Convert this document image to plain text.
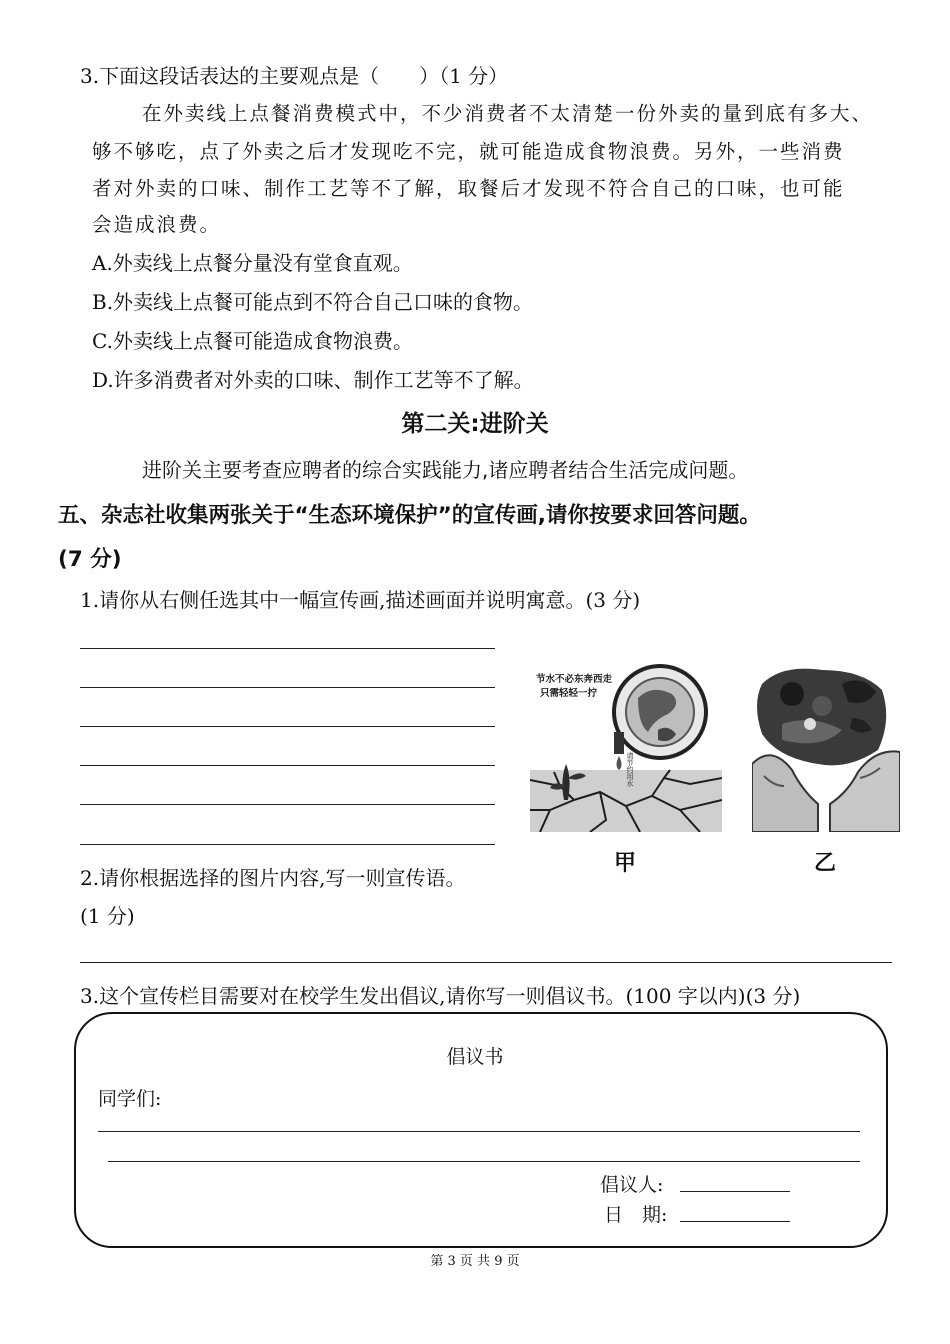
3.下面这段话表达的主要观点是（　　）（1 分）
在外卖线上点餐消费模式中，不少消费者不太清楚一份外卖的量到底有多大、
够不够吃，点了外卖之后才发现吃不完，就可能造成食物浪费。另外，一些消费
者对外卖的口味、制作工艺等不了解，取餐后才发现不符合自己的口味，也可能
会造成浪费。
A.外卖线上点餐分量没有堂食直观。
B.外卖线上点餐可能点到不符合自己口味的食物。
C.外卖线上点餐可能造成食物浪费。
D.许多消费者对外卖的口味、制作工艺等不了解。
第二关:进阶关
进阶关主要考查应聘者的综合实践能力,诸应聘者结合生活完成问题。
五、杂志社收集两张关于“生态环境保护”的宣传画,请你按要求回答问题。
(7 分)
1.请你从右侧任选其中一幅宣传画,描述画面并说明寓意。(3 分)
节水不必东奔西走
只需轻轻一拧
请节约用水
甲	乙
2.请你根据选择的图片内容,写一则宣传语。
(1 分)
3.这个宣传栏目需要对在校学生发出倡议,请你写一则倡议书。(100 字以内)(3 分)
倡议书
同学们:
倡议人:
日　期:
第 3 页 共 9 页
